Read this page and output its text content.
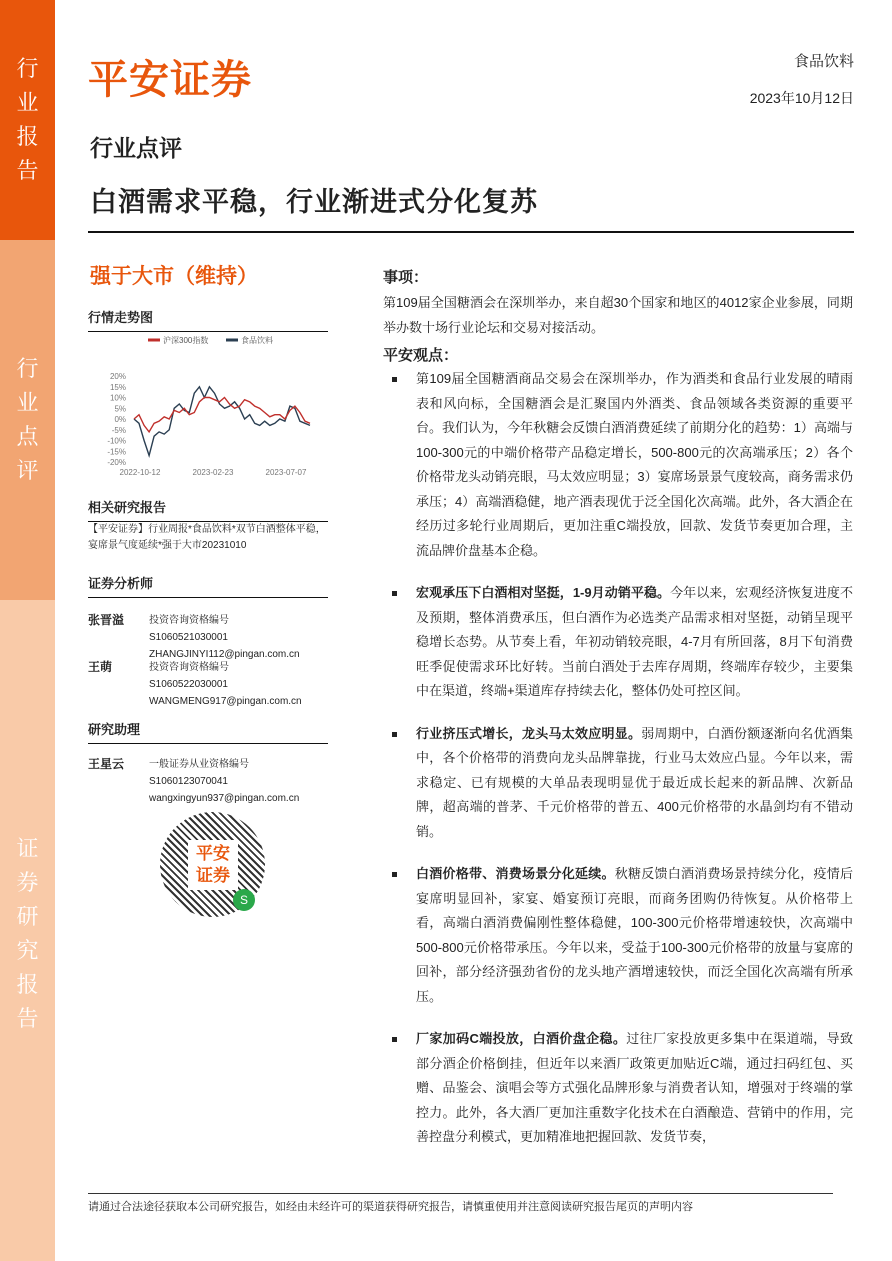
行
业
报
告
行
业
点
评
证
券
研
究
报
告
平安证券	食品饮料
2023年10月12日
行业点评
白酒需求平稳，行业渐进式分化复苏
强于大市（维持）
行情走势图
沪深300指数	食品饮料
20%
15%
10%
5%
0%
-5%
-10%
-15%
-20%
2022-10-12	2023-02-23	2023-07-07
相关研究报告
【平安证券】行业周报*食品饮料*双节白酒整体平稳，宴席景气度延续*强于大市20231010
证券分析师
张晋溢 投资咨询资格编号
S1060521030001
ZHANGJINYI112@pingan.com.cn
王萌	投资咨询资格编号
S1060522030001
WANGMENG917@pingan.com.cn
研究助理
王星云 一般证券从业资格编号
S1060123070041
wangxingyun937@pingan.com.cn
平安证券
S
事项：
第109届全国糖酒会在深圳举办，来自超30个国家和地区的4012家企业参展，同期举办数十场行业论坛和交易对接活动。
平安观点：
第109届全国糖酒商品交易会在深圳举办，作为酒类和食品行业发展的晴雨表和风向标，全国糖酒会是汇聚国内外酒类、食品领域各类资源的重要平台。我们认为，今年秋糖会反馈白酒消费延续了前期分化的趋势：1）高端与100-300元的中端价格带产品稳定增长，500-800元的次高端承压；2）各个价格带龙头动销亮眼，马太效应明显；3）宴席场景景气度较高，商务需求仍承压；4）高端酒稳健，地产酒表现优于泛全国化次高端。此外，各大酒企在经历过多轮行业周期后，更加注重C端投放，回款、发货节奏更加合理，主流品牌价盘基本企稳。
宏观承压下白酒相对坚挺，1-9月动销平稳。今年以来，宏观经济恢复进度不及预期，整体消费承压，但白酒作为必选类产品需求相对坚挺，动销呈现平稳增长态势。从节奏上看，年初动销较亮眼，4-7月有所回落，8月下旬消费旺季促使需求环比好转。当前白酒处于去库存周期，终端库存较少，主要集中在渠道，终端+渠道库存持续去化，整体仍处可控区间。
行业挤压式增长，龙头马太效应明显。弱周期中，白酒份额逐渐向名优酒集中，各个价格带的消费向龙头品牌靠拢，行业马太效应凸显。今年以来，需求稳定、已有规模的大单品表现明显优于最近成长起来的新品牌、次新品牌，超高端的普茅、千元价格带的普五、400元价格带的水晶剑均有不错动销。
白酒价格带、消费场景分化延续。秋糖反馈白酒消费场景持续分化，疫情后宴席明显回补，家宴、婚宴预订亮眼，而商务团购仍待恢复。从价格带上看，高端白酒消费偏刚性整体稳健，100-300元价格带增速较快，次高端中500-800元价格带承压。今年以来，受益于100-300元价格带的放量与宴席的回补，部分经济强劲省份的龙头地产酒增速较快，而泛全国化次高端有所承压。
厂家加码C端投放，白酒价盘企稳。过往厂家投放更多集中在渠道端，导致部分酒企价格倒挂，但近年以来酒厂政策更加贴近C端，通过扫码红包、买赠、品鉴会、演唱会等方式强化品牌形象与消费者认知，增强对于终端的掌控力。此外，各大酒厂更加注重数字化技术在白酒酿造、营销中的作用，完善控盘分利模式，更加精准地把握回款、发货节奏，
请通过合法途径获取本公司研究报告，如经由未经许可的渠道获得研究报告，请慎重使用并注意阅读研究报告尾页的声明内容
